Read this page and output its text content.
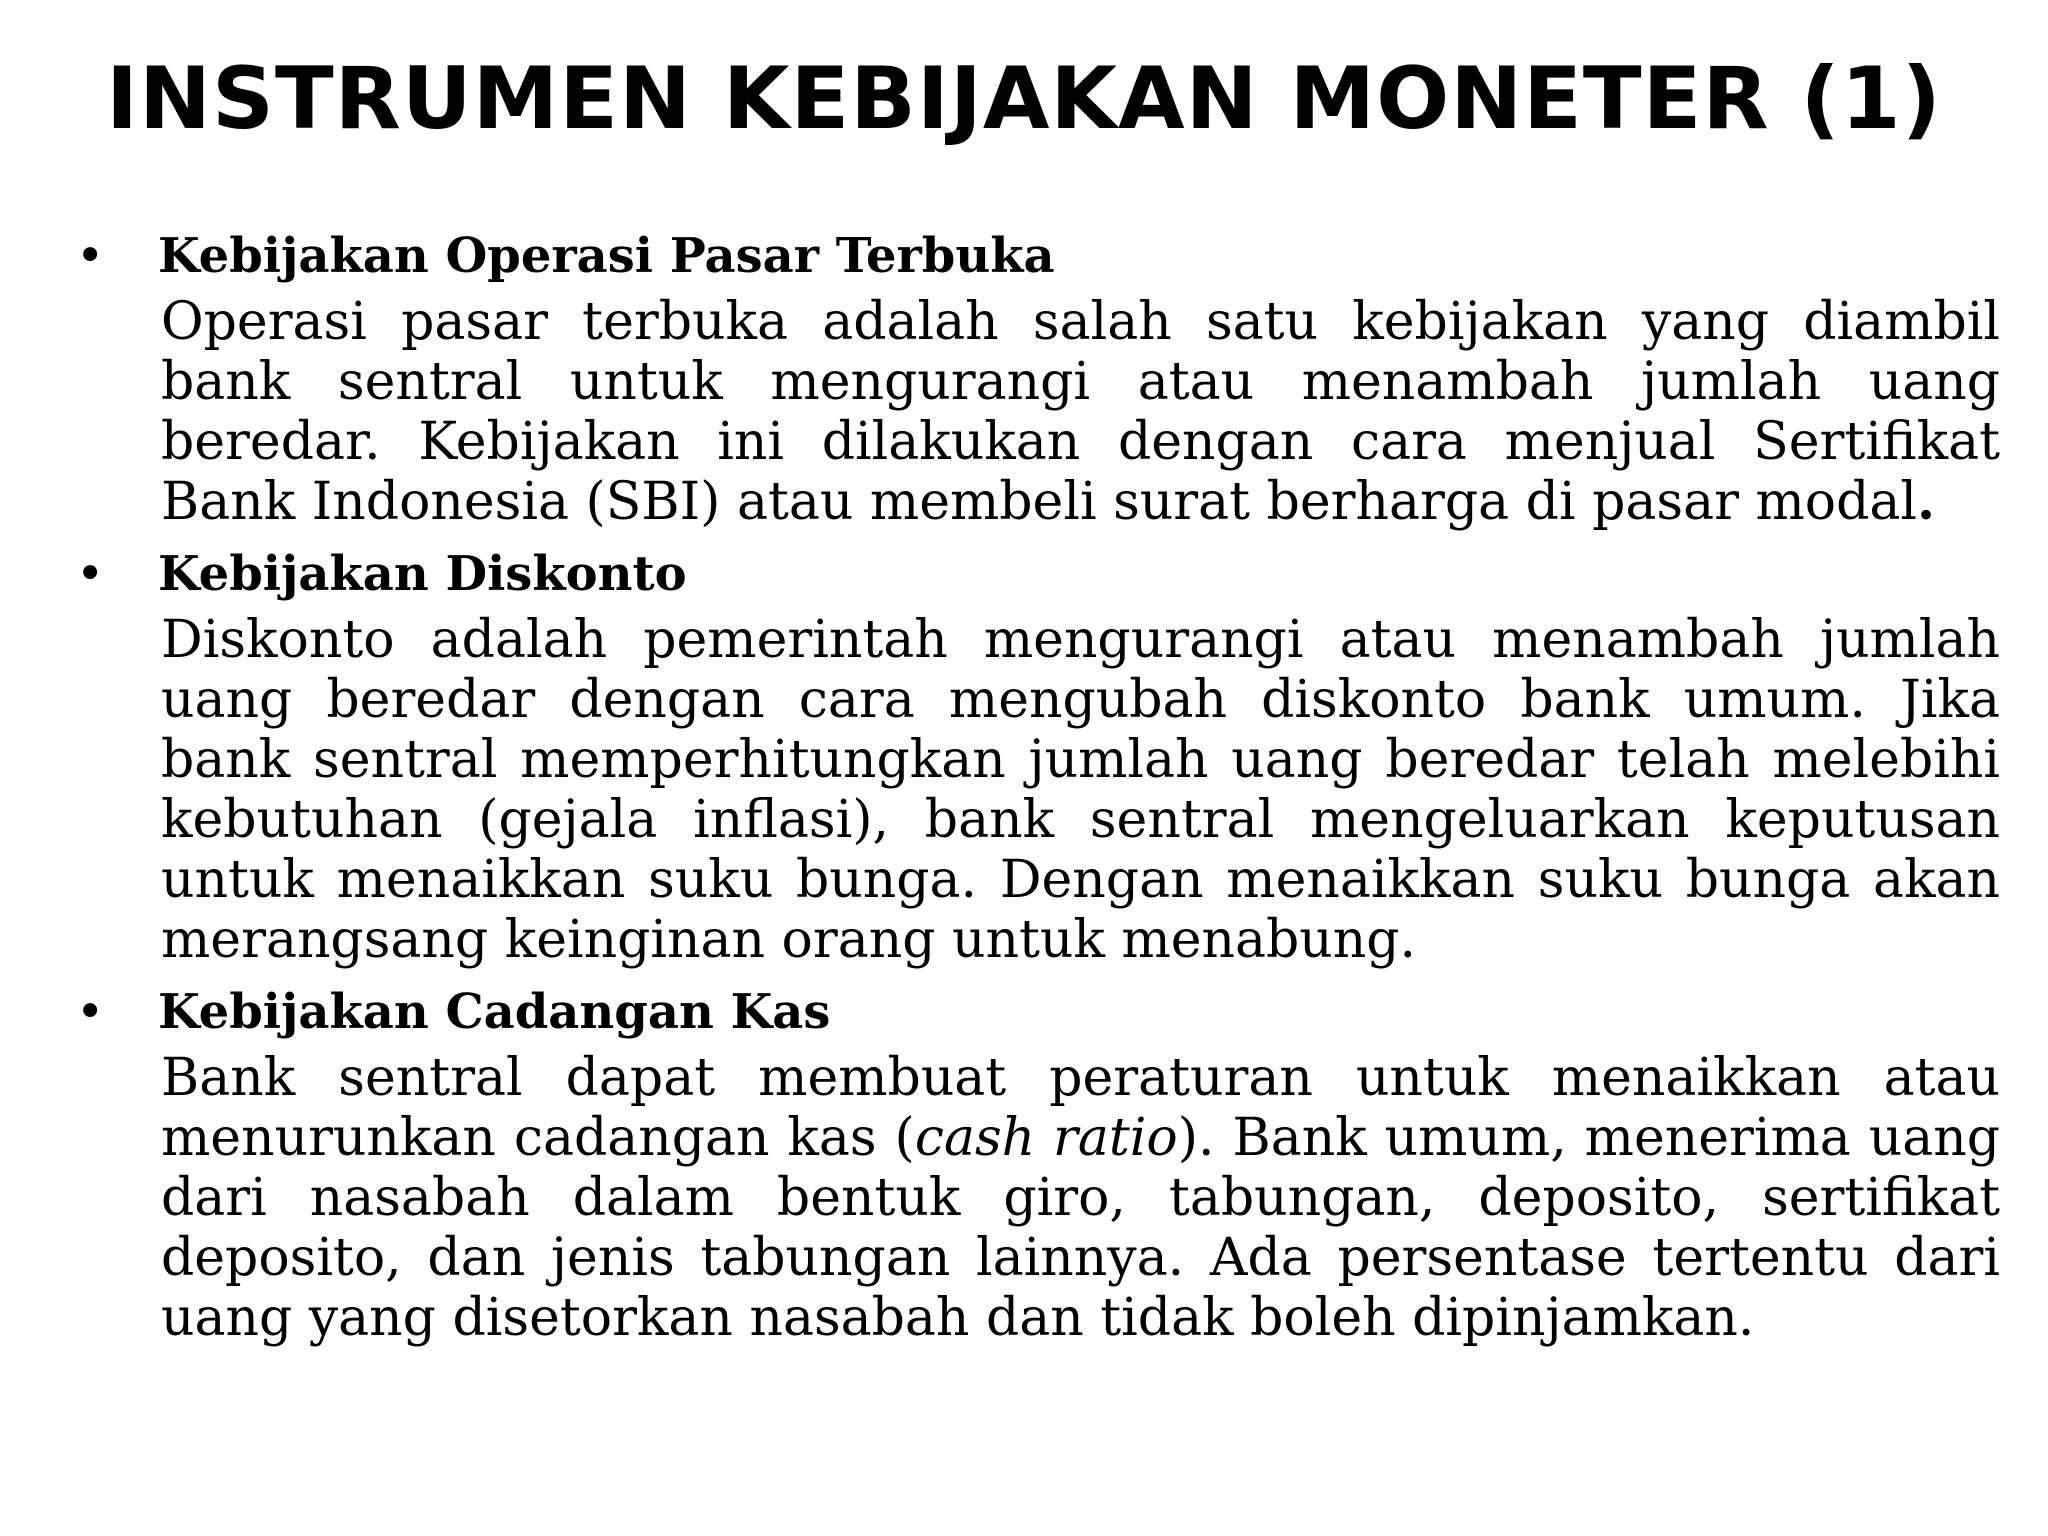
INSTRUMEN KEBIJAKAN MONETER (1)
•	Kebijakan Operasi Pasar Terbuka
Operasi pasar terbuka adalah salah satu kebijakan yang diambil bank sentral untuk mengurangi atau menambah jumlah uang beredar. Kebijakan ini dilakukan dengan cara menjual Sertifikat Bank Indonesia (SBI) atau membeli surat berharga di pasar modal.
•	Kebijakan Diskonto
Diskonto adalah pemerintah mengurangi atau menambah jumlah uang beredar dengan cara mengubah diskonto bank umum. Jika bank sentral memperhitungkan jumlah uang beredar telah melebihi kebutuhan (gejala inflasi), bank sentral mengeluarkan keputusan untuk menaikkan suku bunga. Dengan menaikkan suku bunga akan merangsang keinginan orang untuk menabung.
•	Kebijakan Cadangan Kas
Bank sentral dapat membuat peraturan untuk menaikkan atau menurunkan cadangan kas (cash ratio). Bank umum, menerima uang dari nasabah dalam bentuk giro, tabungan, deposito, sertifikat deposito, dan jenis tabungan lainnya. Ada persentase tertentu dari uang yang disetorkan nasabah dan tidak boleh dipinjamkan.
